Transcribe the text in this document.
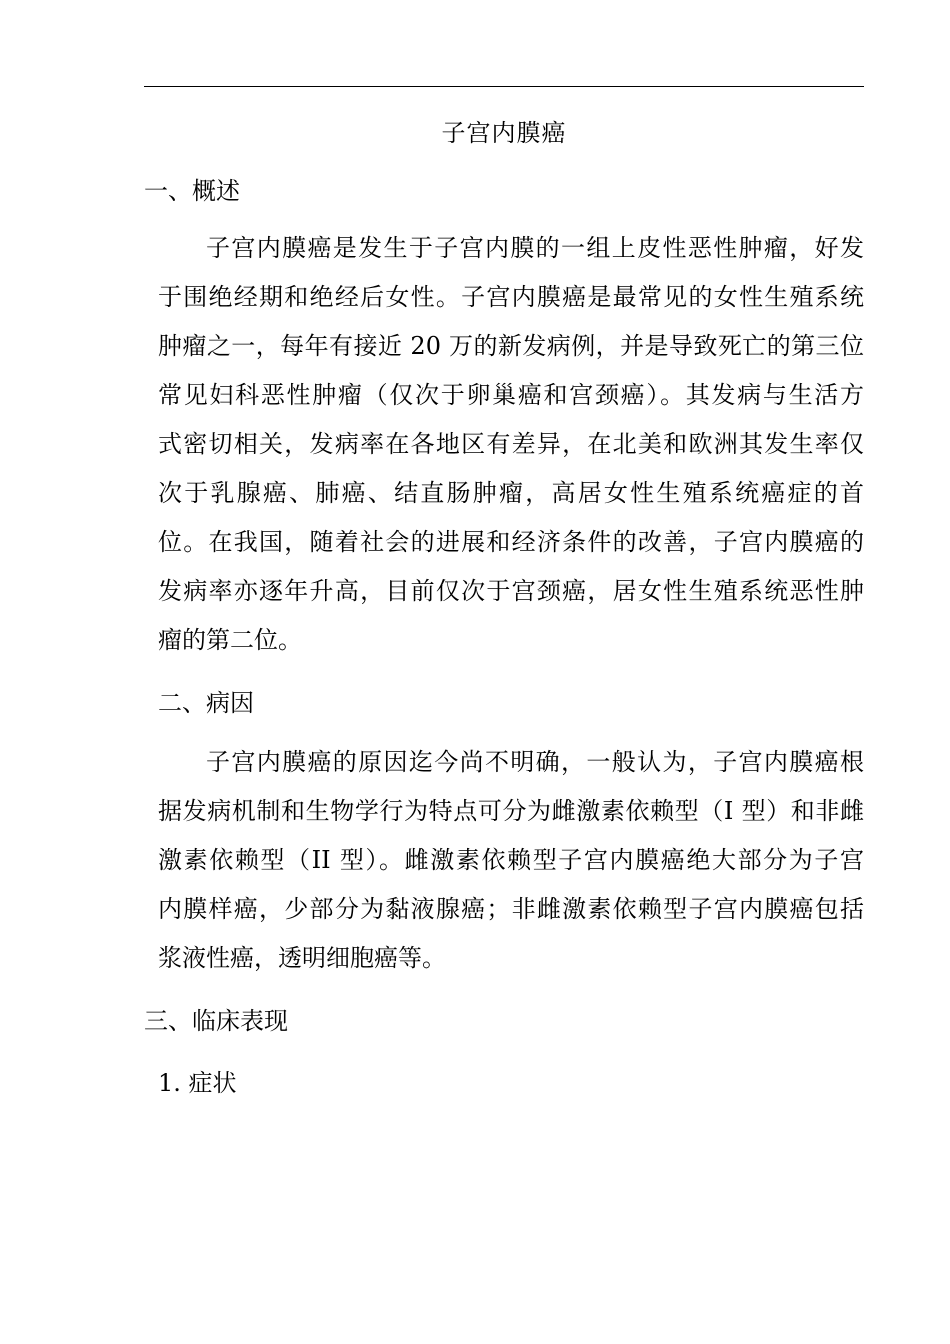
子宫内膜癌
一、概述
子宫内膜癌是发生于子宫内膜的一组上皮性恶性肿瘤，好发
于围绝经期和绝经后女性。子宫内膜癌是最常见的女性生殖系统
肿瘤之一，每年有接近 20 万的新发病例，并是导致死亡的第三位
常见妇科恶性肿瘤（仅次于卵巢癌和宫颈癌）。其发病与生活方
式密切相关，发病率在各地区有差异，在北美和欧洲其发生率仅
次于乳腺癌、肺癌、结直肠肿瘤，高居女性生殖系统癌症的首
位。在我国，随着社会的进展和经济条件的改善，子宫内膜癌的
发病率亦逐年升高，目前仅次于宫颈癌，居女性生殖系统恶性肿
瘤的第二位。
二、病因
子宫内膜癌的原因迄今尚不明确，一般认为，子宫内膜癌根
据发病机制和生物学行为特点可分为雌激素依赖型（I 型）和非雌
激素依赖型（II 型）。雌激素依赖型子宫内膜癌绝大部分为子宫
内膜样癌，少部分为黏液腺癌；非雌激素依赖型子宫内膜癌包括
浆液性癌，透明细胞癌等。
三、临床表现
1. 症状
